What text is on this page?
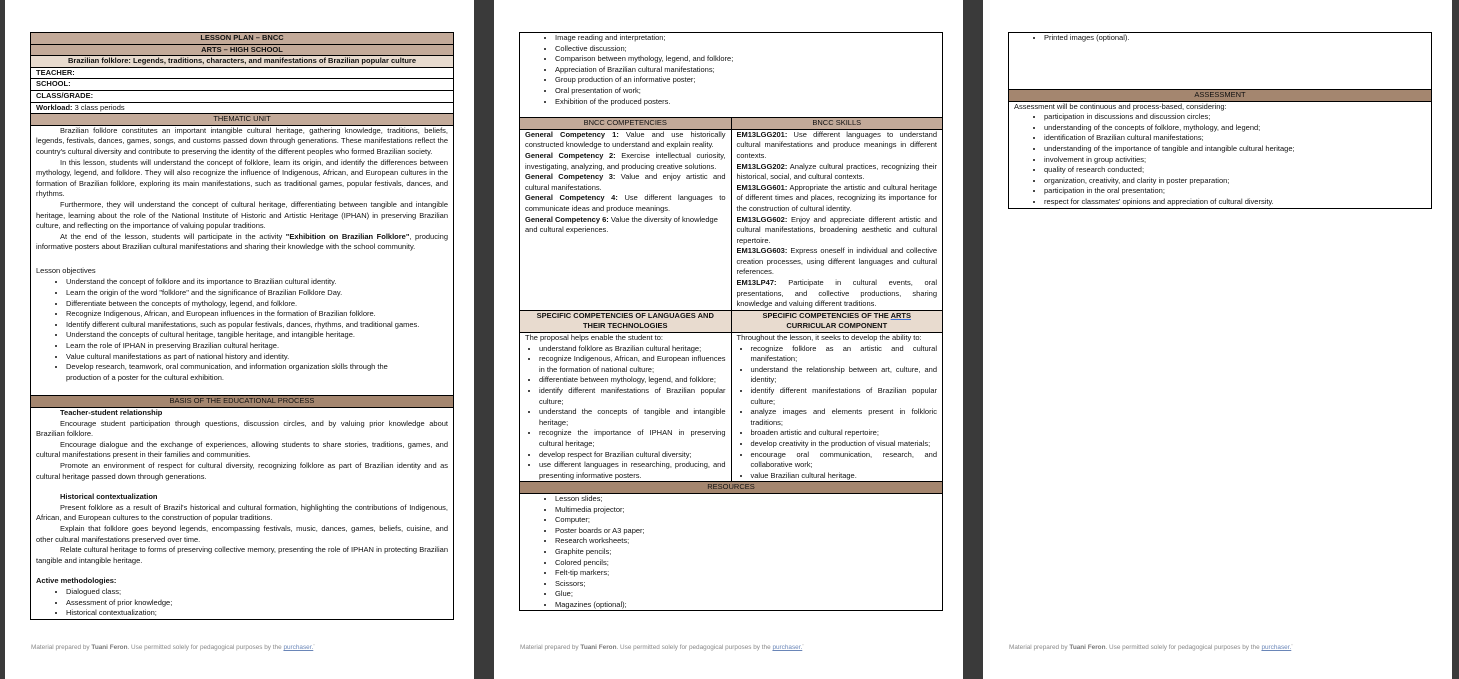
LESSON PLAN – BNCC
ARTS – HIGH SCHOOL
Brazilian folklore: Legends, traditions, characters, and manifestations of Brazilian popular culture
TEACHER:
SCHOOL:
CLASS/GRADE:
Workload: 3 class periods
THEMATIC UNIT

Brazilian folklore constitutes an important intangible cultural heritage, gathering knowledge, traditions, beliefs, legends, festivals, dances, games, songs, and customs passed down through generations. These manifestations reflect the country's cultural diversity and contribute to preserving the identity of the different peoples who formed Brazilian society.

In this lesson, students will understand the concept of folklore, learn its origin, and identify the differences between mythology, legend, and folklore. They will also recognize the influence of Indigenous, African, and European cultures in the formation of Brazilian folklore, exploring its main manifestations, such as traditional games, popular festivals, dances, and rhythms.

Furthermore, they will understand the concept of cultural heritage, differentiating between tangible and intangible heritage, learning about the role of the National Institute of Historic and Artistic Heritage (IPHAN) in preserving Brazilian culture, and reflecting on the importance of valuing popular traditions.

At the end of the lesson, students will participate in the activity "Exhibition on Brazilian Folklore", producing informative posters about Brazilian cultural manifestations and sharing their knowledge with the school community.

Lesson objectives

• Understand the concept of folklore and its importance to Brazilian cultural identity.
• Learn the origin of the word "folklore" and the significance of Brazilian Folklore Day.
• Differentiate between the concepts of mythology, legend, and folklore.
• Recognize Indigenous, African, and European influences in the formation of Brazilian folklore.
• Identify different cultural manifestations, such as popular festivals, dances, rhythms, and traditional games.
• Understand the concepts of cultural heritage, tangible heritage, and intangible heritage.
• Learn the role of IPHAN in preserving Brazilian cultural heritage.
• Value cultural manifestations as part of national history and identity.
• Develop research, teamwork, oral communication, and information organization skills through the production of a poster for the cultural exhibition.
BASIS OF THE EDUCATIONAL PROCESS
Teacher-student relationship

Encourage student participation through questions, discussion circles, and by valuing prior knowledge about Brazilian folklore.

Encourage dialogue and the exchange of experiences, allowing students to share stories, traditions, games, and cultural manifestations present in their families and communities.

Promote an environment of respect for cultural diversity, recognizing folklore as part of Brazilian identity and as cultural heritage passed down through generations.

Historical contextualization

Present folklore as a result of Brazil's historical and cultural formation, highlighting the contributions of Indigenous, African, and European cultures to the construction of popular traditions.

Explain that folklore goes beyond legends, encompassing festivals, music, dances, games, beliefs, cuisine, and other cultural manifestations preserved over time.

Relate cultural heritage to forms of preserving collective memory, presenting the role of IPHAN in protecting Brazilian tangible and intangible heritage.

Active methodologies:
• Dialogued class;
• Assessment of prior knowledge;
• Historical contextualization;
Material prepared by Tuani Feron. Use permitted solely for pedagogical purposes by the purchaser.¨
• Image reading and interpretation;
• Collective discussion;
• Comparison between mythology, legend, and folklore;
• Appreciation of Brazilian cultural manifestations;
• Group production of an informative poster;
• Oral presentation of work;
• Exhibition of the produced posters.
BNCC COMPETENCIES	BNCC SKILLS

General Competency 1: Value and use historically constructed knowledge to understand and explain reality.

General Competency 2: Exercise intellectual curiosity, investigating, analyzing, and producing creative solutions.

General Competency 3: Value and enjoy artistic and cultural manifestations.

General Competency 4: Use different languages to communicate ideas and produce meanings.

General Competency 6: Value the diversity of knowledge and cultural experiences.

EM13LGG201: Use different languages to understand cultural manifestations and produce meanings in different contexts.

EM13LGG202: Analyze cultural practices, recognizing their historical, social, and cultural contexts.

EM13LGG601: Appropriate the artistic and cultural heritage of different times and places, recognizing its importance for the construction of cultural identity.

EM13LGG602: Enjoy and appreciate different artistic and cultural manifestations, broadening aesthetic and cultural repertoire.

EM13LGG603: Express oneself in individual and collective creation processes, using different languages and cultural references.

EM13LP47: Participate in cultural events, oral presentations, and collective productions, sharing knowledge and valuing different traditions.

SPECIFIC COMPETENCIES OF LANGUAGES AND THEIR TECHNOLOGIES
SPECIFIC COMPETENCIES OF THE ARTS CURRICULAR COMPONENT

The proposal helps enable the student to:

• understand folklore as Brazilian cultural heritage;
• recognize Indigenous, African, and European influences in the formation of national culture;
• differentiate between mythology, legend, and folklore;
• identify different manifestations of Brazilian popular culture;
• understand the concepts of tangible and intangible heritage;
• recognize the importance of IPHAN in preserving cultural heritage;
• develop respect for Brazilian cultural diversity;
• use different languages in researching, producing, and presenting informative posters.

Throughout the lesson, it seeks to develop the ability to:

• recognize folklore as an artistic and cultural manifestation;
• understand the relationship between art, culture, and identity;
• identify different manifestations of Brazilian popular culture;
• analyze images and elements present in folkloric traditions;
• broaden artistic and cultural repertoire;
• develop creativity in the production of visual materials;
• encourage oral communication, research, and collaborative work;
• value Brazilian cultural heritage.
RESOURCES
• Lesson slides;
• Multimedia projector;
• Computer;
• Poster boards or A3 paper;
• Research worksheets;
• Graphite pencils;
• Colored pencils;
• Felt-tip markers;
• Scissors;
• Glue;
• Magazines (optional);
Material prepared by Tuani Feron. Use permitted solely for pedagogical purposes by the purchaser.¨
• Printed images (optional).
ASSESSMENT

Assessment will be continuous and process-based, considering:

• participation in discussions and discussion circles;
• understanding of the concepts of folklore, mythology, and legend;
• identification of Brazilian cultural manifestations;
• understanding of the importance of tangible and intangible cultural heritage;
• involvement in group activities;
• quality of research conducted;
• organization, creativity, and clarity in poster preparation;
• participation in the oral presentation;
• respect for classmates' opinions and appreciation of cultural diversity.
Material prepared by Tuani Feron. Use permitted solely for pedagogical purposes by the purchaser.¨
